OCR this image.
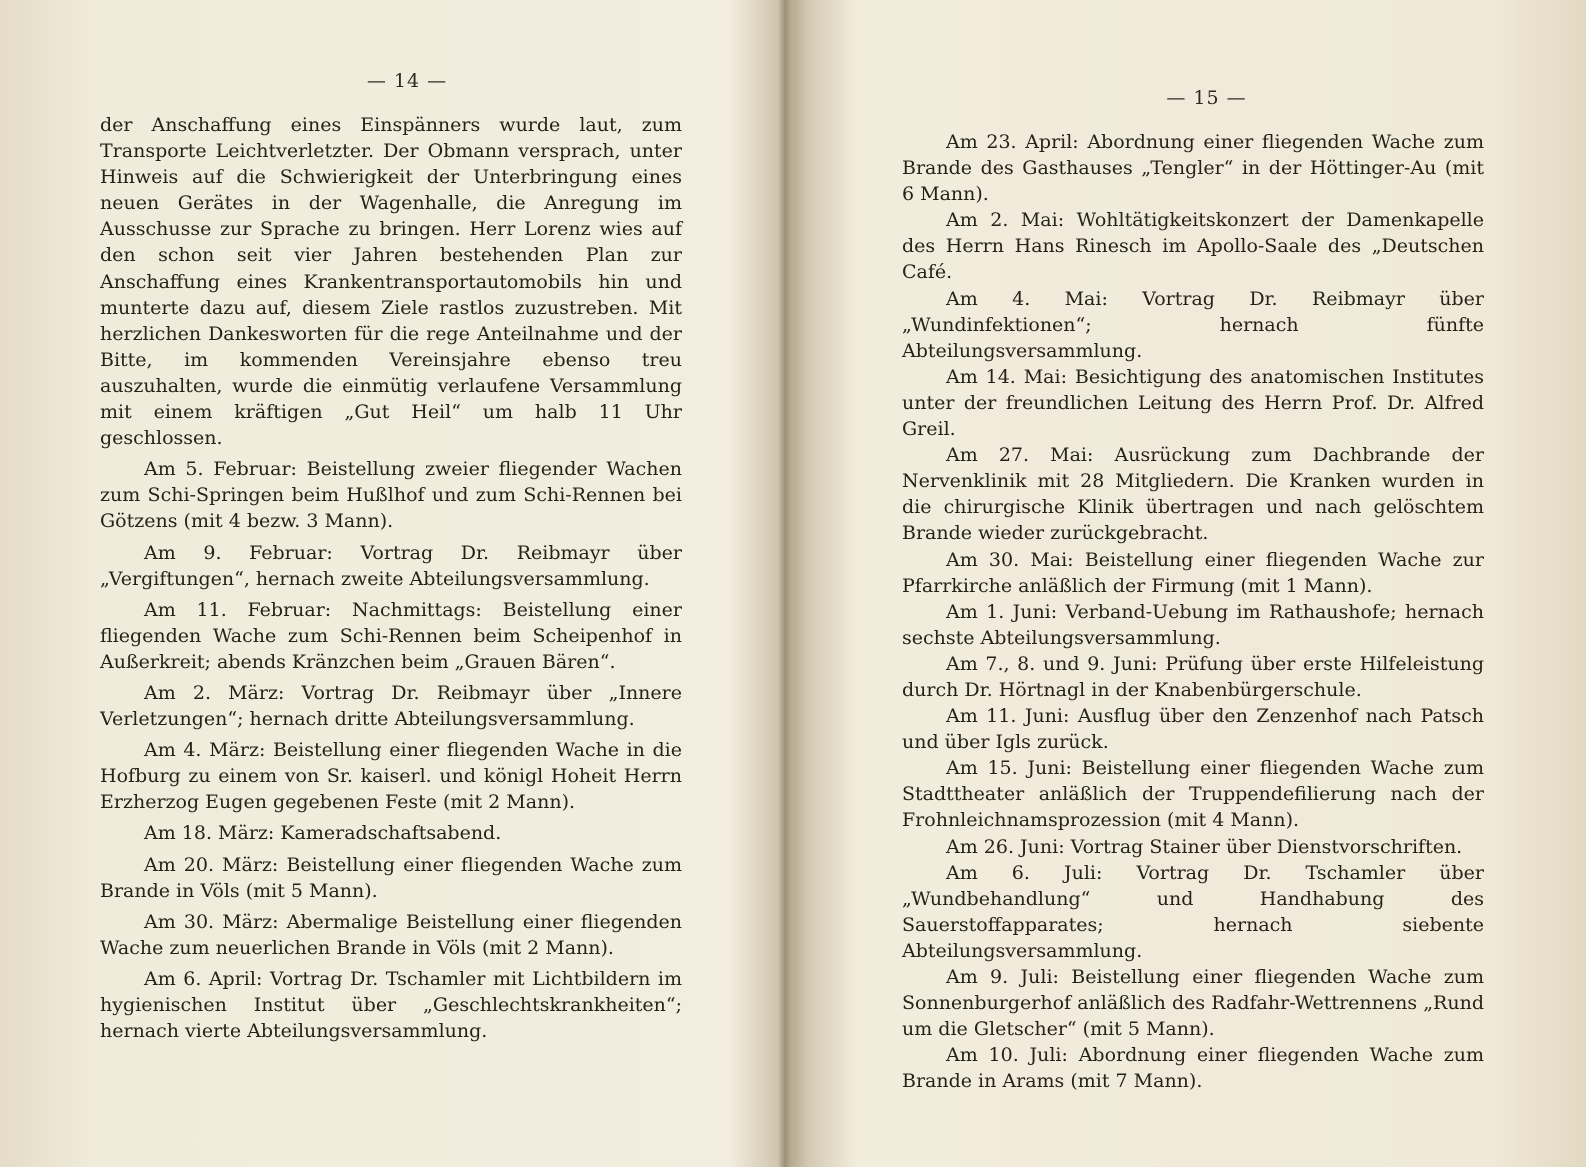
— 14 —

der Anschaffung eines Einspänners wurde laut, zum Transporte Leichtverletzter. Der Obmann versprach, unter Hinweis auf die Schwierigkeit der Unterbringung eines neuen Gerätes in der Wagenhalle, die Anregung im Ausschusse zur Sprache zu bringen. Herr Lorenz wies auf den schon seit vier Jahren bestehenden Plan zur Anschaffung eines Krankentransportautomobils hin und munterte dazu auf, diesem Ziele rastlos zuzustreben. Mit herzlichen Dankesworten für die rege Anteilnahme und der Bitte, im kommenden Vereinsjahre ebenso treu auszuhalten, wurde die einmütig verlaufene Versammlung mit einem kräftigen „Gut Heil“ um halb 11 Uhr geschlossen.

Am 5. Februar: Beistellung zweier fliegender Wachen zum Schi-Springen beim Hußlhof und zum Schi-Rennen bei Götzens (mit 4 bezw. 3 Mann).

Am 9. Februar: Vortrag Dr. Reibmayr über „Vergiftungen“, hernach zweite Abteilungsversammlung.

Am 11. Februar: Nachmittags: Beistellung einer fliegenden Wache zum Schi-Rennen beim Scheipenhof in Außerkreit; abends Kränzchen beim „Grauen Bären“.

Am 2. März: Vortrag Dr. Reibmayr über „Innere Verletzungen“; hernach dritte Abteilungsversammlung.

Am 4. März: Beistellung einer fliegenden Wache in die Hofburg zu einem von Sr. kaiserl. und königl Hoheit Herrn Erzherzog Eugen gegebenen Feste (mit 2 Mann).

Am 18. März: Kameradschaftsabend.

Am 20. März: Beistellung einer fliegenden Wache zum Brande in Völs (mit 5 Mann).

Am 30. März: Abermalige Beistellung einer fliegenden Wache zum neuerlichen Brande in Völs (mit 2 Mann).

Am 6. April: Vortrag Dr. Tschamler mit Lichtbildern im hygienischen Institut über „Geschlechtskrankheiten“; hernach vierte Abteilungsversammlung.

— 15 —

Am 23. April: Abordnung einer fliegenden Wache zum Brande des Gasthauses „Tengler“ in der Höttinger-Au (mit 6 Mann).

Am 2. Mai: Wohltätigkeitskonzert der Damenkapelle des Herrn Hans Rinesch im Apollo-Saale des „Deutschen Café.

Am 4. Mai: Vortrag Dr. Reibmayr über „Wundinfektionen“; hernach fünfte Abteilungsversammlung.

Am 14. Mai: Besichtigung des anatomischen Institutes unter der freundlichen Leitung des Herrn Prof. Dr. Alfred Greil.

Am 27. Mai: Ausrückung zum Dachbrande der Nervenklinik mit 28 Mitgliedern. Die Kranken wurden in die chirurgische Klinik übertragen und nach gelöschtem Brande wieder zurückgebracht.

Am 30. Mai: Beistellung einer fliegenden Wache zur Pfarrkirche anläßlich der Firmung (mit 1 Mann).

Am 1. Juni: Verband-Uebung im Rathaushofe; hernach sechste Abteilungsversammlung.

Am 7., 8. und 9. Juni: Prüfung über erste Hilfeleistung durch Dr. Hörtnagl in der Knabenbürgerschule.

Am 11. Juni: Ausflug über den Zenzenhof nach Patsch und über Igls zurück.

Am 15. Juni: Beistellung einer fliegenden Wache zum Stadttheater anläßlich der Truppendefilierung nach der Frohnleichnamsprozession (mit 4 Mann).

Am 26. Juni: Vortrag Stainer über Dienstvorschriften.

Am 6. Juli: Vortrag Dr. Tschamler über „Wundbehandlung“ und Handhabung des Sauerstoffapparates; hernach siebente Abteilungsversammlung.

Am 9. Juli: Beistellung einer fliegenden Wache zum Sonnenburgerhof anläßlich des Radfahr-Wettrennens „Rund um die Gletscher“ (mit 5 Mann).

Am 10. Juli: Abordnung einer fliegenden Wache zum Brande in Arams (mit 7 Mann).
